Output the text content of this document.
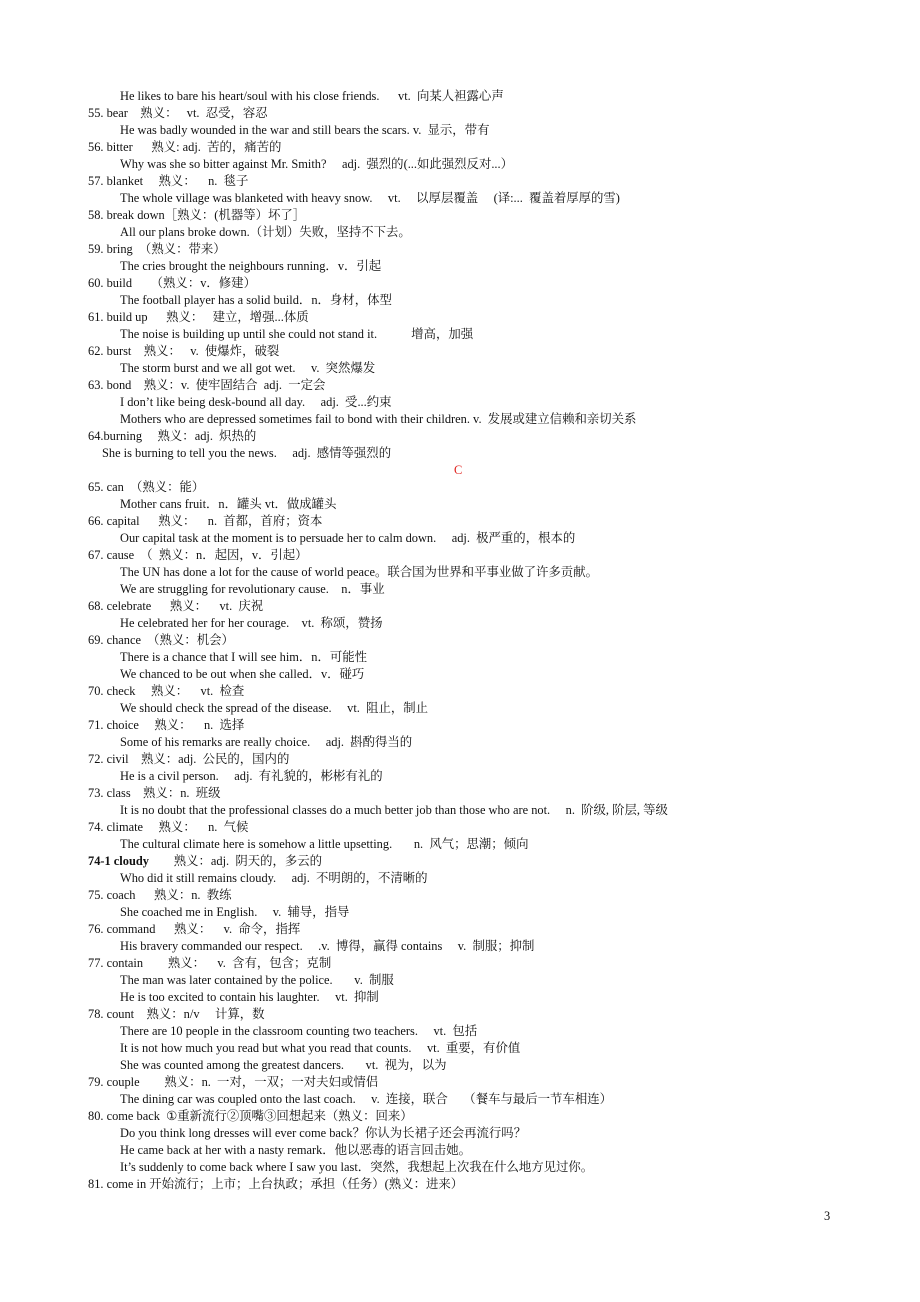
He likes to bare his heart/soul with his close friends.      vt.  向某人袒露心声
55. bear    熟义：   vt.  忍受，容忍
He was badly wounded in the war and still bears the scars. v.  显示，带有
56. bitter      熟义: adj.  苦的，痛苦的
Why was she so bitter against Mr. Smith?     adj.  强烈的(...如此强烈反对...）
57. blanket     熟义：    n.  毯子
The whole village was blanketed with heavy snow.     vt.     以厚层覆盖     (译:...  覆盖着厚厚的雪)
58. break down［熟义：(机器等）坏了］
All our plans broke down.（计划）失败，坚持不下去。
59. bring  （熟义：带来）
The cries brought the neighbours running．v．引起
60. build      （熟义：v．修建）
The football player has a solid build．n．身材，体型
61. build up      熟义：   建立，增强...体质
The noise is building up until she could not stand it.           增高，加强
62. burst    熟义：   v.  使爆炸，破裂
The storm burst and we all got wet.     v.  突然爆发
63. bond    熟义：v.  使牢固结合  adj.  一定会
I don’t like being desk-bound all day.     adj.  受...约束
Mothers who are depressed sometimes fail to bond with their children. v.  发展或建立信赖和亲切关系
64.burning     熟义：adj.  炽热的
She is burning to tell you the news.     adj.  感情等强烈的
C
65. can  （熟义：能）
Mother cans fruit．n．罐头 vt．做成罐头
66. capital      熟义：    n.  首都，首府；资本
Our capital task at the moment is to persuade her to calm down.     adj.  极严重的，根本的
67. cause  （  熟义：n．起因，v．引起）
The UN has done a lot for the cause of world peace。联合国为世界和平事业做了许多贡献。
We are struggling for revolutionary cause.    n．事业
68. celebrate      熟义：    vt.  庆祝
He celebrated her for her courage.    vt.  称颂，赞扬
69. chance  （熟义：机会）
There is a chance that I will see him．n．可能性
We chanced to be out when she called．v．碰巧
70. check     熟义：    vt.  检查
We should check the spread of the disease.     vt.  阻止，制止
71. choice     熟义：    n.  选择
Some of his remarks are really choice.     adj.  斟酌得当的
72. civil    熟义：adj.  公民的，国内的
He is a civil person.     adj.  有礼貌的，彬彬有礼的
73. class    熟义：n.  班级
It is no doubt that the professional classes do a much better job than those who are not.     n.  阶级, 阶层, 等级
74. climate     熟义：    n.  气候
The cultural climate here is somehow a little upsetting.       n.  风气；思潮；倾向
74-1 cloudy        熟义：adj.  阴天的，多云的
Who did it still remains cloudy.     adj.  不明朗的，不清晰的
75. coach      熟义：n.  教练
She coached me in English.     v.  辅导，指导
76. command      熟义：    v.  命令，指挥
His bravery commanded our respect.     .v.  博得，赢得 contains     v.  制服；抑制
77. contain        熟义：    v.  含有，包含；克制
The man was later contained by the police.       v.  制服
He is too excited to contain his laughter.     vt.  抑制
78. count    熟义：n/v     计算，数
There are 10 people in the classroom counting two teachers.     vt.  包括
It is not how much you read but what you read that counts.     vt.  重要，有价值
She was counted among the greatest dancers.       vt.  视为，以为
79. couple        熟义：n.  一对，一双；一对夫妇或情侣
The dining car was coupled onto the last coach.     v.  连接，联合     （餐车与最后一节车相连）
80. come back  ①重新流行②顶嘴③回想起来（熟义：回来）
Do you think long dresses will ever come back？你认为长裙子还会再流行吗？
He came back at her with a nasty remark．他以恶毒的语言回击她。
It’s suddenly to come back where I saw you last．突然，我想起上次我在什么地方见过你。
81. come in 开始流行；上市；上台执政；承担（任务）(熟义：进来）
3
